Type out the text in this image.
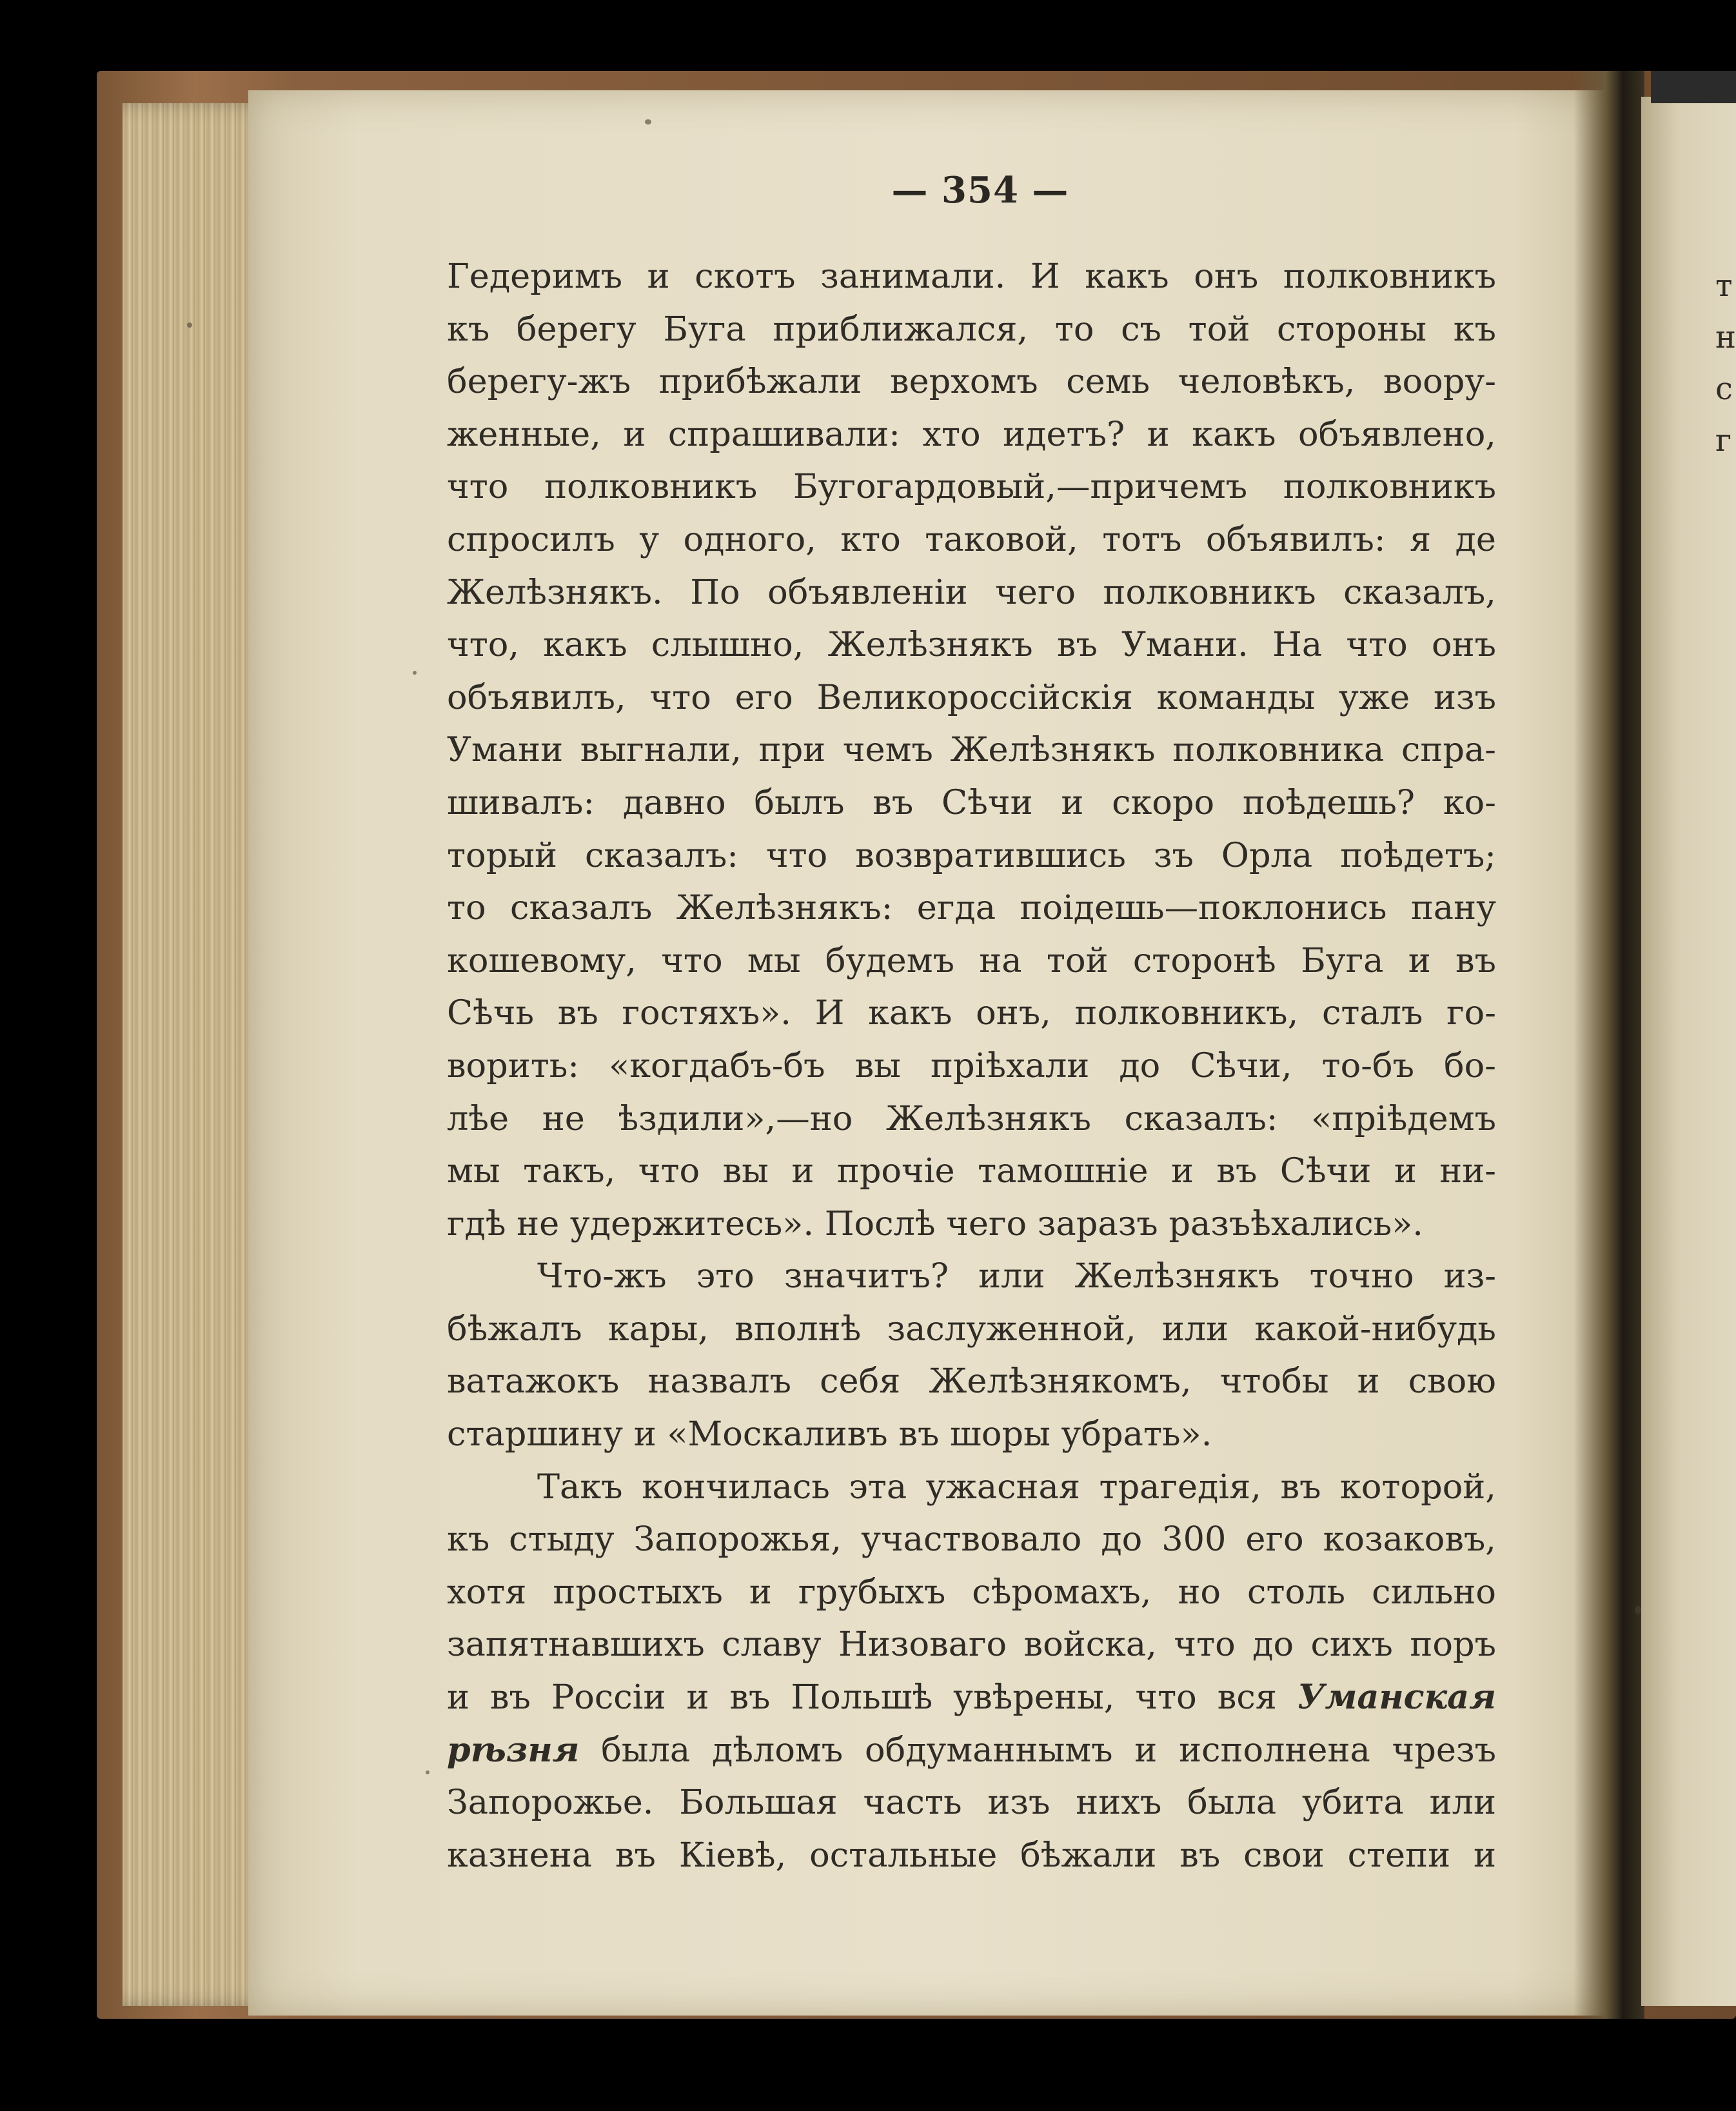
— 354 —
Гедеримъ и скотъ занимали. И какъ онъ полковникъ
къ берегу Буга приближался, то съ той стороны къ
берегу-жъ прибѣжали верхомъ семь человѣкъ, воору-
женные, и спрашивали: хто идетъ? и какъ объявлено,
что полковникъ Бугогардовый,—причемъ полковникъ
спросилъ у одного, кто таковой, тотъ объявилъ: я де
Желѣзнякъ. По объявленіи чего полковникъ сказалъ,
что, какъ слышно, Желѣзнякъ въ Умани. На что онъ
объявилъ, что его Великороссійскія команды уже изъ
Умани выгнали, при чемъ Желѣзнякъ полковника спра-
шивалъ: давно былъ въ Сѣчи и скоро поѣдешь? ко-
торый сказалъ: что возвратившись зъ Орла поѣдетъ;
то сказалъ Желѣзнякъ: егда поідешь—поклонись пану
кошевому, что мы будемъ на той сторонѣ Буга и въ
Сѣчь въ гостяхъ». И какъ онъ, полковникъ, сталъ го-
ворить: «когдабъ-бъ вы пріѣхали до Сѣчи, то-бъ бо-
лѣе не ѣздили»,—но Желѣзнякъ сказалъ: «пріѣдемъ
мы такъ, что вы и прочіе тамошніе и въ Сѣчи и ни-
гдѣ не удержитесь». Послѣ чего заразъ разъѣхались».
Что-жъ это значитъ? или Желѣзнякъ точно из-
бѣжалъ кары, вполнѣ заслуженной, или какой-нибудь
ватажокъ назвалъ себя Желѣзнякомъ, чтобы и свою
старшину и «Москаливъ въ шоры убрать».
Такъ кончилась эта ужасная трагедія, въ которой,
къ стыду Запорожья, участвовало до 300 его козаковъ,
хотя простыхъ и грубыхъ сѣромахъ, но столь сильно
запятнавшихъ славу Низоваго войска, что до сихъ поръ
и въ Россіи и въ Польшѣ увѣрены, что вся Уманская
рѣзня была дѣломъ обдуманнымъ и исполнена чрезъ
Запорожье. Большая часть изъ нихъ была убита или
казнена въ Кіевѣ, остальные бѣжали въ свои степи и
т
н
с
г
